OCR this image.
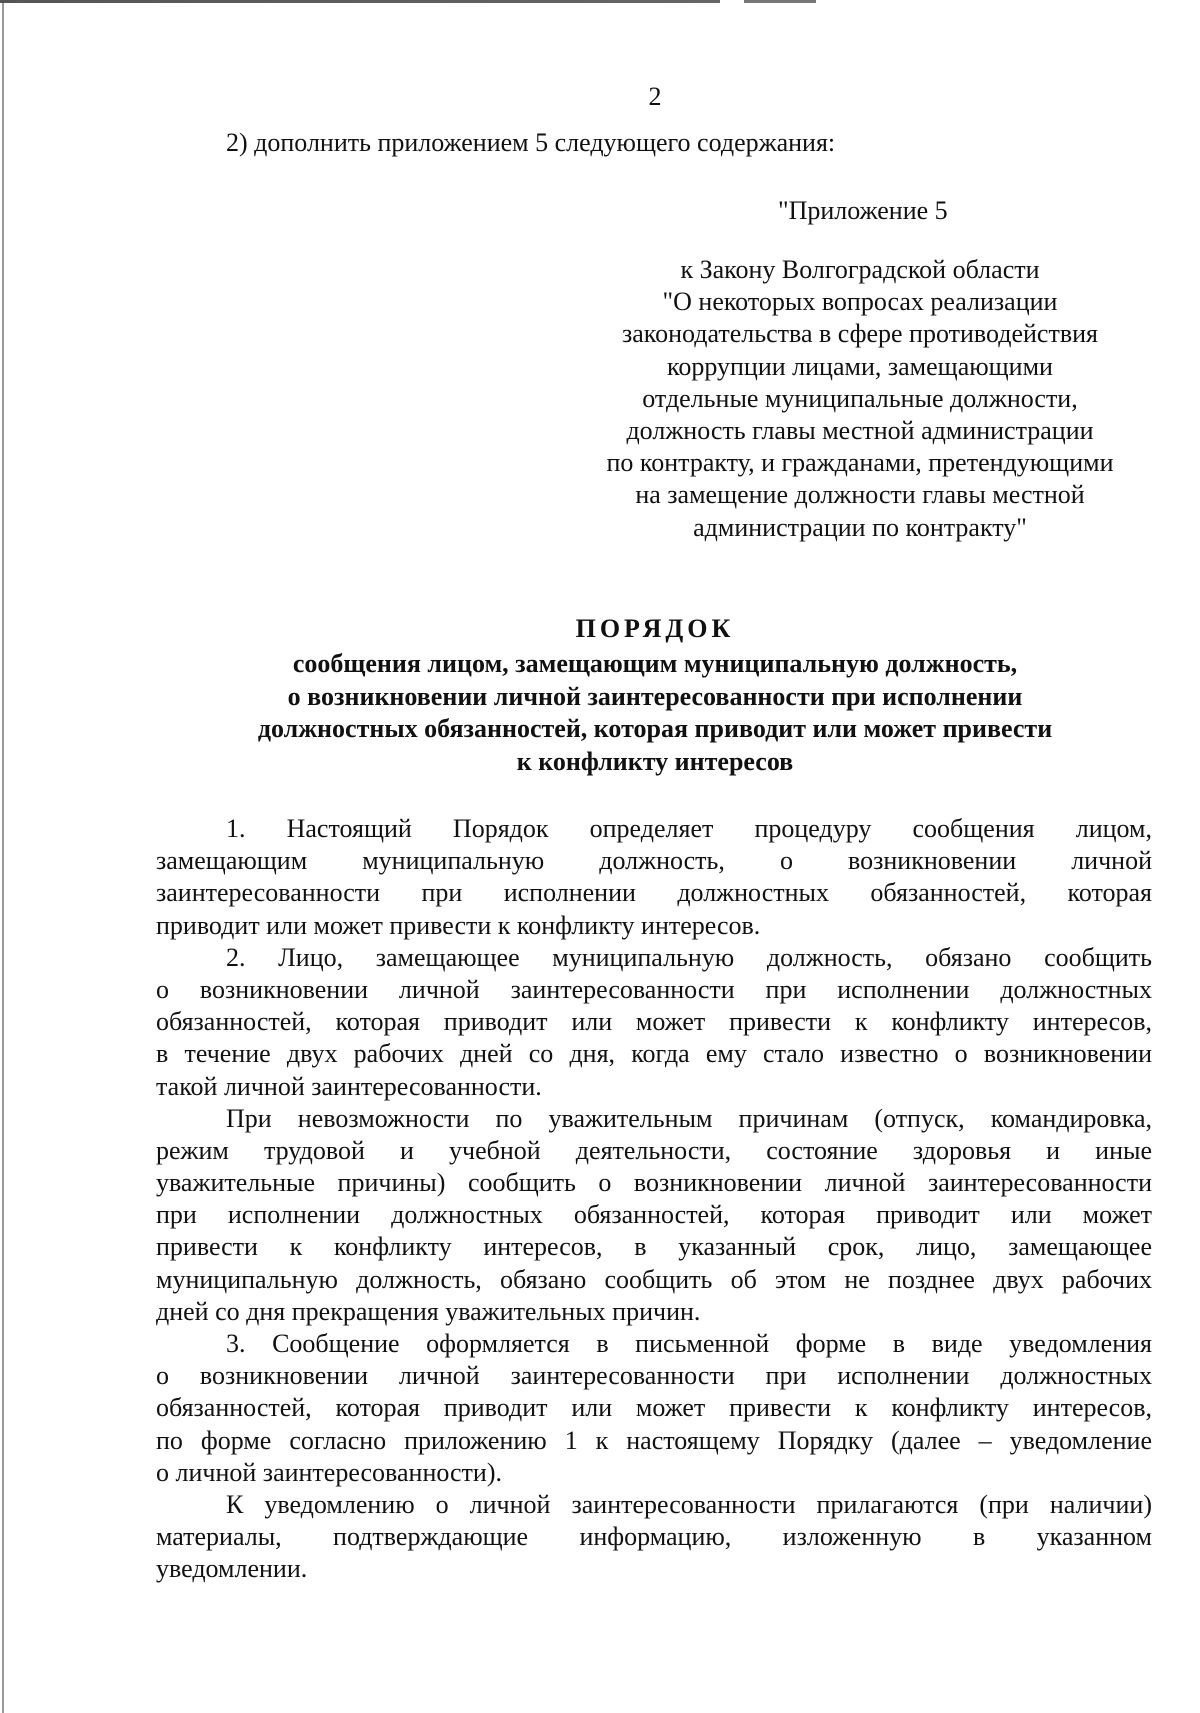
2
2) дополнить приложением 5 следующего содержания:
"Приложение 5
к Закону Волгоградской области
"О некоторых вопросах реализации
законодательства в сфере противодействия
коррупции лицами, замещающими
отдельные муниципальные должности,
должность главы местной администрации
по контракту, и гражданами, претендующими
на замещение должности главы местной
администрации по контракту"
ПОРЯДОК
сообщения лицом, замещающим муниципальную должность,
о возникновении личной заинтересованности при исполнении
должностных обязанностей, которая приводит или может привести
к конфликту интересов
1. Настоящий Порядок определяет процедуру сообщения лицом,
замещающим муниципальную должность, о возникновении личной
заинтересованности при исполнении должностных обязанностей, которая
приводит или может привести к конфликту интересов.
2. Лицо, замещающее муниципальную должность, обязано сообщить
о возникновении личной заинтересованности при исполнении должностных
обязанностей, которая приводит или может привести к конфликту интересов,
в течение двух рабочих дней со дня, когда ему стало известно о возникновении
такой личной заинтересованности.
При невозможности по уважительным причинам (отпуск, командировка,
режим трудовой и учебной деятельности, состояние здоровья и иные
уважительные причины) сообщить о возникновении личной заинтересованности
при исполнении должностных обязанностей, которая приводит или может
привести к конфликту интересов, в указанный срок, лицо, замещающее
муниципальную должность, обязано сообщить об этом не позднее двух рабочих
дней со дня прекращения уважительных причин.
3. Сообщение оформляется в письменной форме в виде уведомления
о возникновении личной заинтересованности при исполнении должностных
обязанностей, которая приводит или может привести к конфликту интересов,
по форме согласно приложению 1 к настоящему Порядку (далее – уведомление
о личной заинтересованности).
К уведомлению о личной заинтересованности прилагаются (при наличии)
материалы, подтверждающие информацию, изложенную в указанном
уведомлении.
